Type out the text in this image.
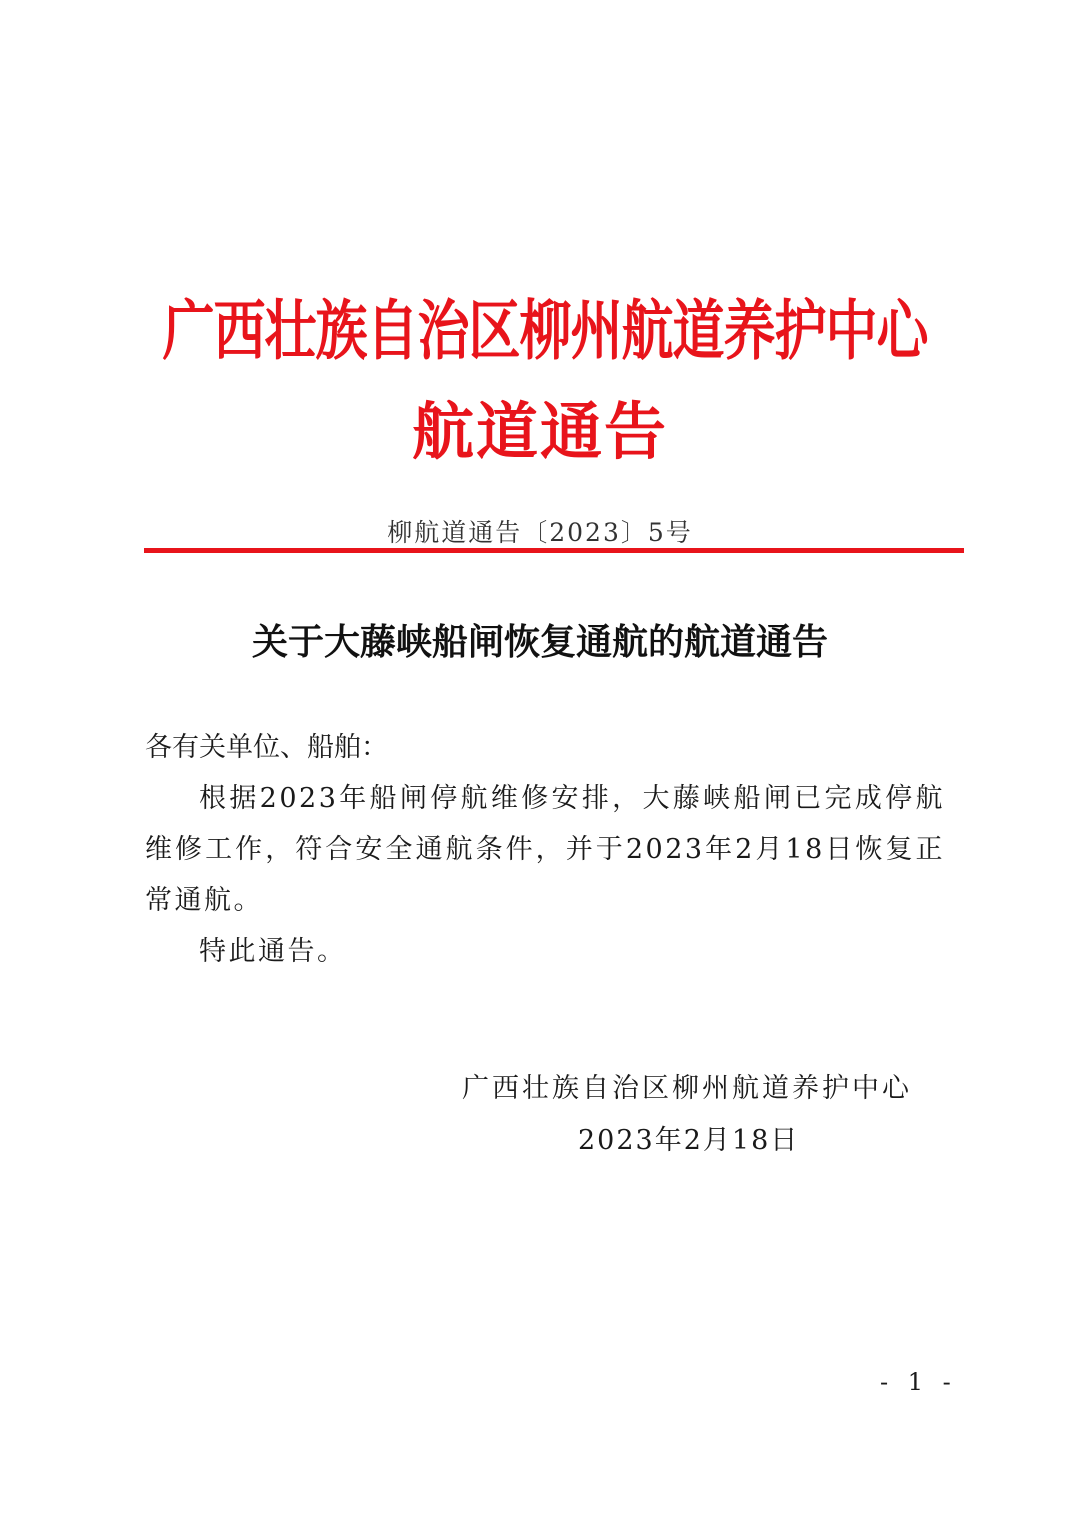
广西壮族自治区柳州航道养护中心
航道通告
柳航道通告〔2023〕5号
关于大藤峡船闸恢复通航的航道通告

各有关单位、船舶：

根据2023年船闸停航维修安排，大藤峡船闸已完成停航维修工作，符合安全通航条件，并于2023年2月18日恢复正常通航。

特此通告。

广西壮族自治区柳州航道养护中心
2023年2月18日
- 1 -
